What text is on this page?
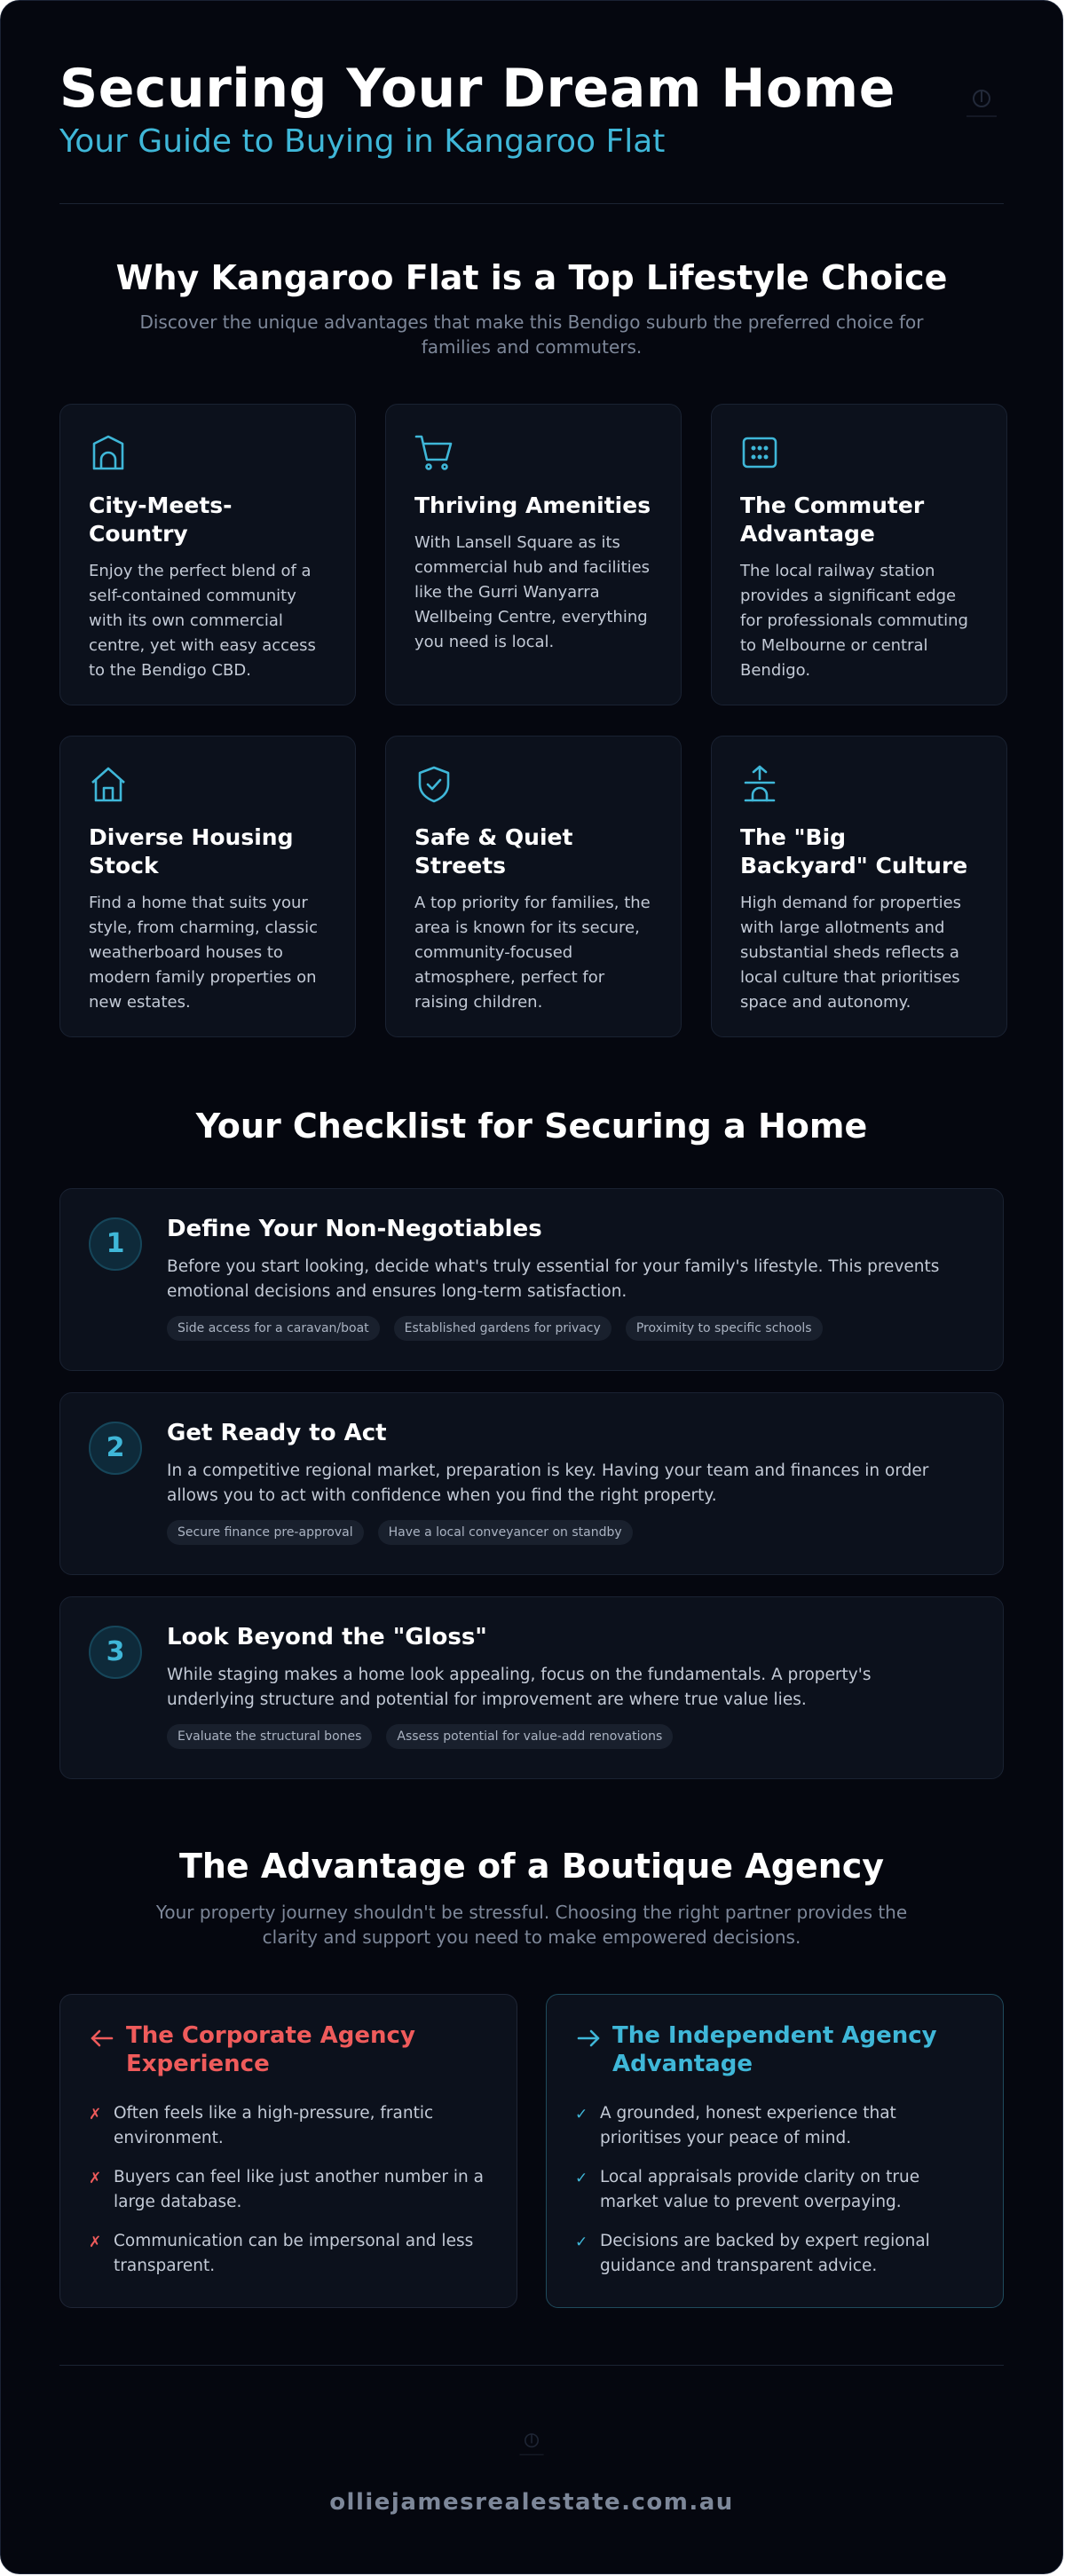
Securing Your Dream Home
Your Guide to Buying in Kangaroo Flat
Why Kangaroo Flat is a Top Lifestyle Choice
Discover the unique advantages that make this Bendigo suburb the preferred choice for families and commuters.
City-Meets-Country

Enjoy the perfect blend of a self-contained community with its own commercial centre, yet with easy access to the Bendigo CBD.

Thriving Amenities

With Lansell Square as its commercial hub and facilities like the Gurri Wanyarra Wellbeing Centre, everything you need is local.

The Commuter Advantage

The local railway station provides a significant edge for professionals commuting to Melbourne or central Bendigo.

Diverse Housing Stock

Find a home that suits your style, from charming, classic weatherboard houses to modern family properties on new estates.

Safe & Quiet Streets

A top priority for families, the area is known for its secure, community-focused atmosphere, perfect for raising children.

The "Big Backyard" Culture

High demand for properties with large allotments and substantial sheds reflects a local culture that prioritises space and autonomy.

Your Checklist for Securing a Home
1	Define Your Non-Negotiables

Before you start looking, decide what's truly essential for your family's lifestyle. This prevents emotional decisions and ensures long-term satisfaction.

Side access for a caravan/boat	Established gardens for privacy	Proximity to specific schools
2	Get Ready to Act

In a competitive regional market, preparation is key. Having your team and finances in order allows you to act with confidence when you find the right property.

Secure finance pre-approval	Have a local conveyancer on standby
3	Look Beyond the "Gloss"

While staging makes a home look appealing, focus on the fundamentals. A property's underlying structure and potential for improvement are where true value lies.

Evaluate the structural bones	Assess potential for value-add renovations
The Advantage of a Boutique Agency
Your property journey shouldn't be stressful. Choosing the right partner provides the clarity and support you need to make empowered decisions.
The Corporate Agency Experience
✗ Often feels like a high-pressure, frantic environment.
✗ Buyers can feel like just another number in a large database.
✗ Communication can be impersonal and less transparent.
The Independent Agency Advantage
✓ A grounded, honest experience that prioritises your peace of mind.
✓ Local appraisals provide clarity on true market value to prevent overpaying.
✓ Decisions are backed by expert regional guidance and transparent advice.
olliejamesrealestate.com.au
